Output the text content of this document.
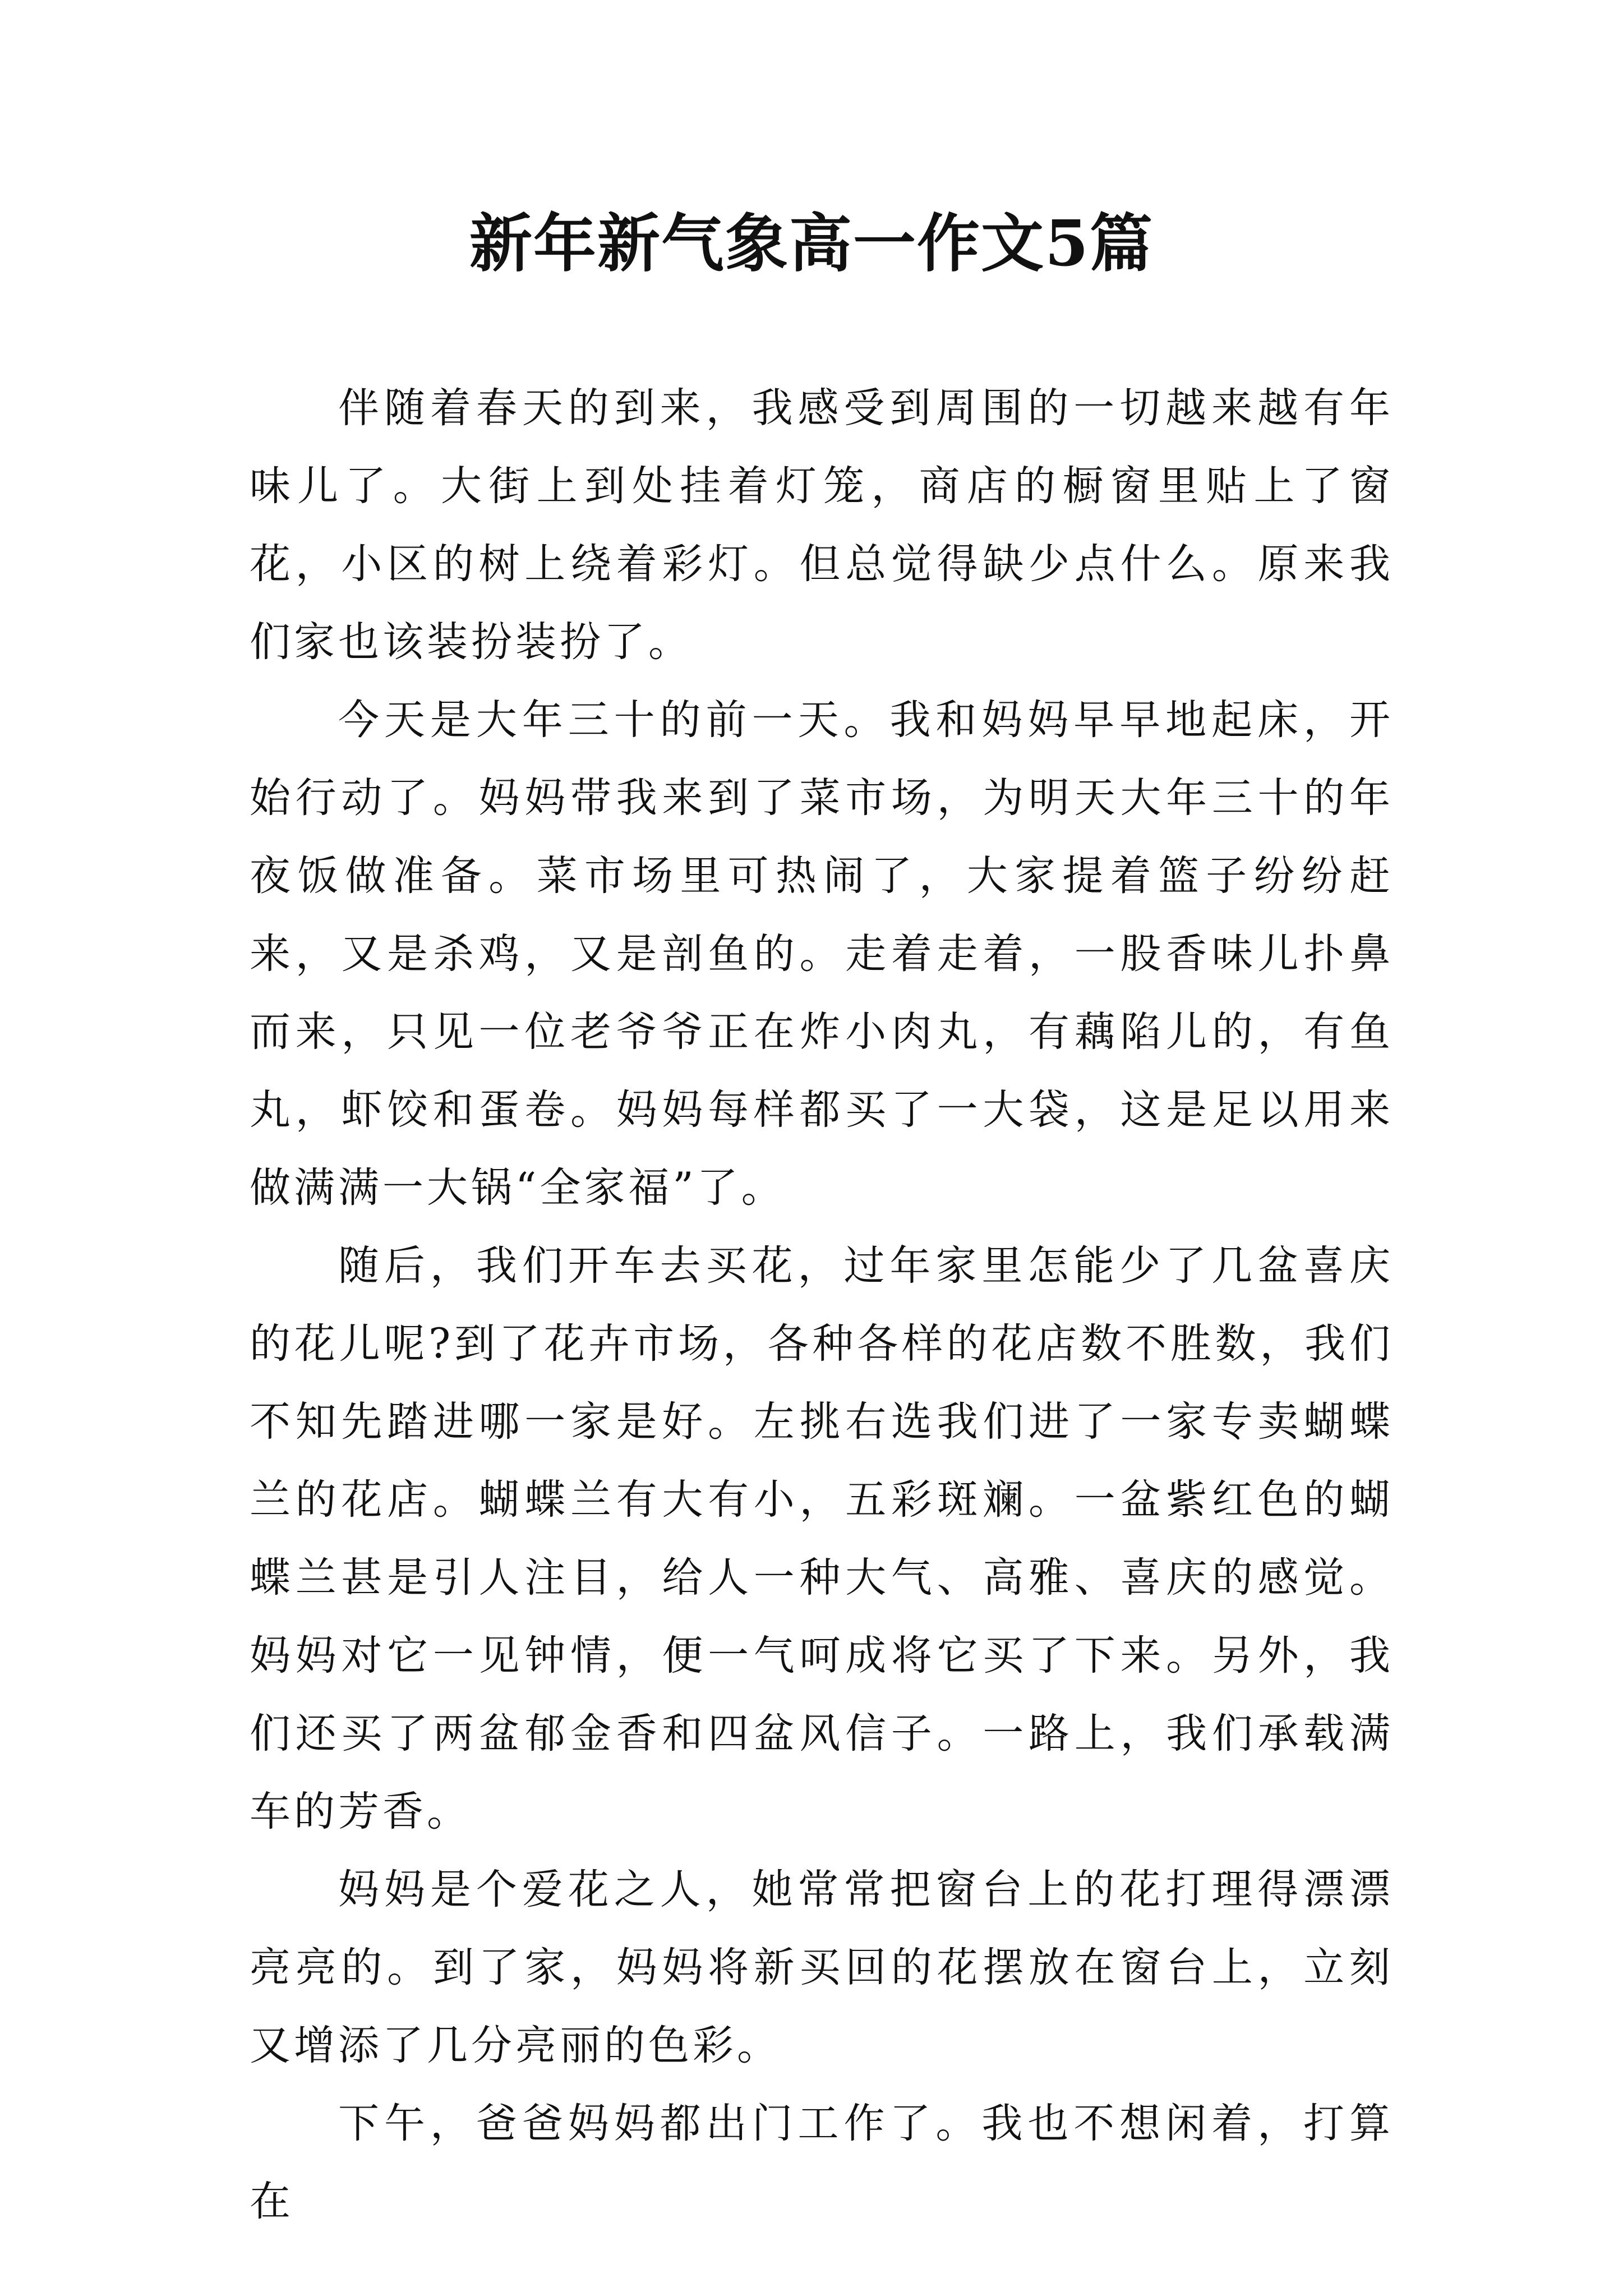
新年新气象高一作文5篇

伴随着春天的到来，我感受到周围的一切越来越有年味儿了。大街上到处挂着灯笼，商店的橱窗里贴上了窗花，小区的树上绕着彩灯。但总觉得缺少点什么。原来我们家也该装扮装扮了。

今天是大年三十的前一天。我和妈妈早早地起床，开始行动了。妈妈带我来到了菜市场，为明天大年三十的年夜饭做准备。菜市场里可热闹了，大家提着篮子纷纷赶来，又是杀鸡，又是剖鱼的。走着走着，一股香味儿扑鼻而来，只见一位老爷爷正在炸小肉丸，有藕陷儿的，有鱼丸，虾饺和蛋卷。妈妈每样都买了一大袋，这是足以用来做满满一大锅“全家福”了。

随后，我们开车去买花，过年家里怎能少了几盆喜庆的花儿呢?到了花卉市场，各种各样的花店数不胜数，我们不知先踏进哪一家是好。左挑右选我们进了一家专卖蝴蝶兰的花店。蝴蝶兰有大有小，五彩斑斓。一盆紫红色的蝴蝶兰甚是引人注目，给人一种大气、高雅、喜庆的感觉。妈妈对它一见钟情，便一气呵成将它买了下来。另外，我们还买了两盆郁金香和四盆风信子。一路上，我们承载满车的芳香。

妈妈是个爱花之人，她常常把窗台上的花打理得漂漂亮亮的。到了家，妈妈将新买回的花摆放在窗台上，立刻又增添了几分亮丽的色彩。

下午，爸爸妈妈都出门工作了。我也不想闲着，打算在
